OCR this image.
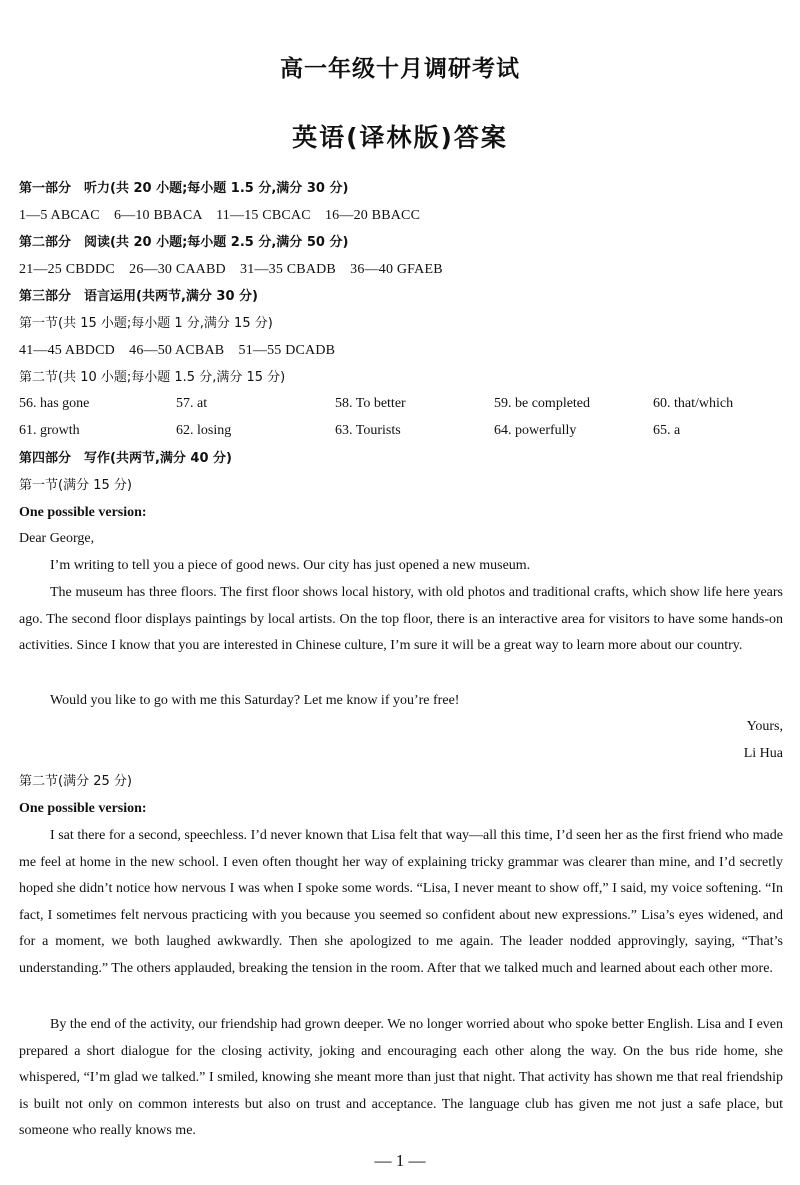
高一年级十月调研考试
英语(译林版)答案
第一部分　听力(共 20 小题;每小题 1.5 分,满分 30 分)
1—5 ABCAC　6—10 BBACA　11—15 CBCAC　16—20 BBACC
第二部分　阅读(共 20 小题;每小题 2.5 分,满分 50 分)
21—25 CBDDC　26—30 CAABD　31—35 CBADB　36—40 GFAEB
第三部分　语言运用(共两节,满分 30 分)
第一节(共 15 小题;每小题 1 分,满分 15 分)
41—45 ABDCD　46—50 ACBAB　51—55 DCADB
第二节(共 10 小题;每小题 1.5 分,满分 15 分)
56. has gone	57. at	58. To better	59. be completed	60. that/which
61. growth	62. losing	63. Tourists	64. powerfully	65. a
第四部分　写作(共两节,满分 40 分)
第一节(满分 15 分)
One possible version:
Dear George,
I’m writing to tell you a piece of good news. Our city has just opened a new museum.
The museum has three floors. The first floor shows local history, with old photos and traditional crafts, which show life here years ago. The second floor displays paintings by local artists. On the top floor, there is an interactive area for visitors to have some hands-on activities. Since I know that you are interested in Chinese culture, I’m sure it will be a great way to learn more about our country.
Would you like to go with me this Saturday? Let me know if you’re free!
Yours,
Li Hua
第二节(满分 25 分)
One possible version:
I sat there for a second, speechless. I’d never known that Lisa felt that way—all this time, I’d seen her as the first friend who made me feel at home in the new school. I even often thought her way of explaining tricky grammar was clearer than mine, and I’d secretly hoped she didn’t notice how nervous I was when I spoke some words. “Lisa, I never meant to show off,” I said, my voice softening. “In fact, I sometimes felt nervous practicing with you because you seemed so confident about new expressions.” Lisa’s eyes widened, and for a moment, we both laughed awkwardly. Then she apologized to me again. The leader nodded approvingly, saying, “That’s understanding.” The others applauded, breaking the tension in the room. After that we talked much and learned about each other more.
By the end of the activity, our friendship had grown deeper. We no longer worried about who spoke better English. Lisa and I even prepared a short dialogue for the closing activity, joking and encouraging each other along the way. On the bus ride home, she whispered, “I’m glad we talked.” I smiled, knowing she meant more than just that night. That activity has shown me that real friendship is built not only on common interests but also on trust and acceptance. The language club has given me not just a safe place, but someone who really knows me.
— 1 —
